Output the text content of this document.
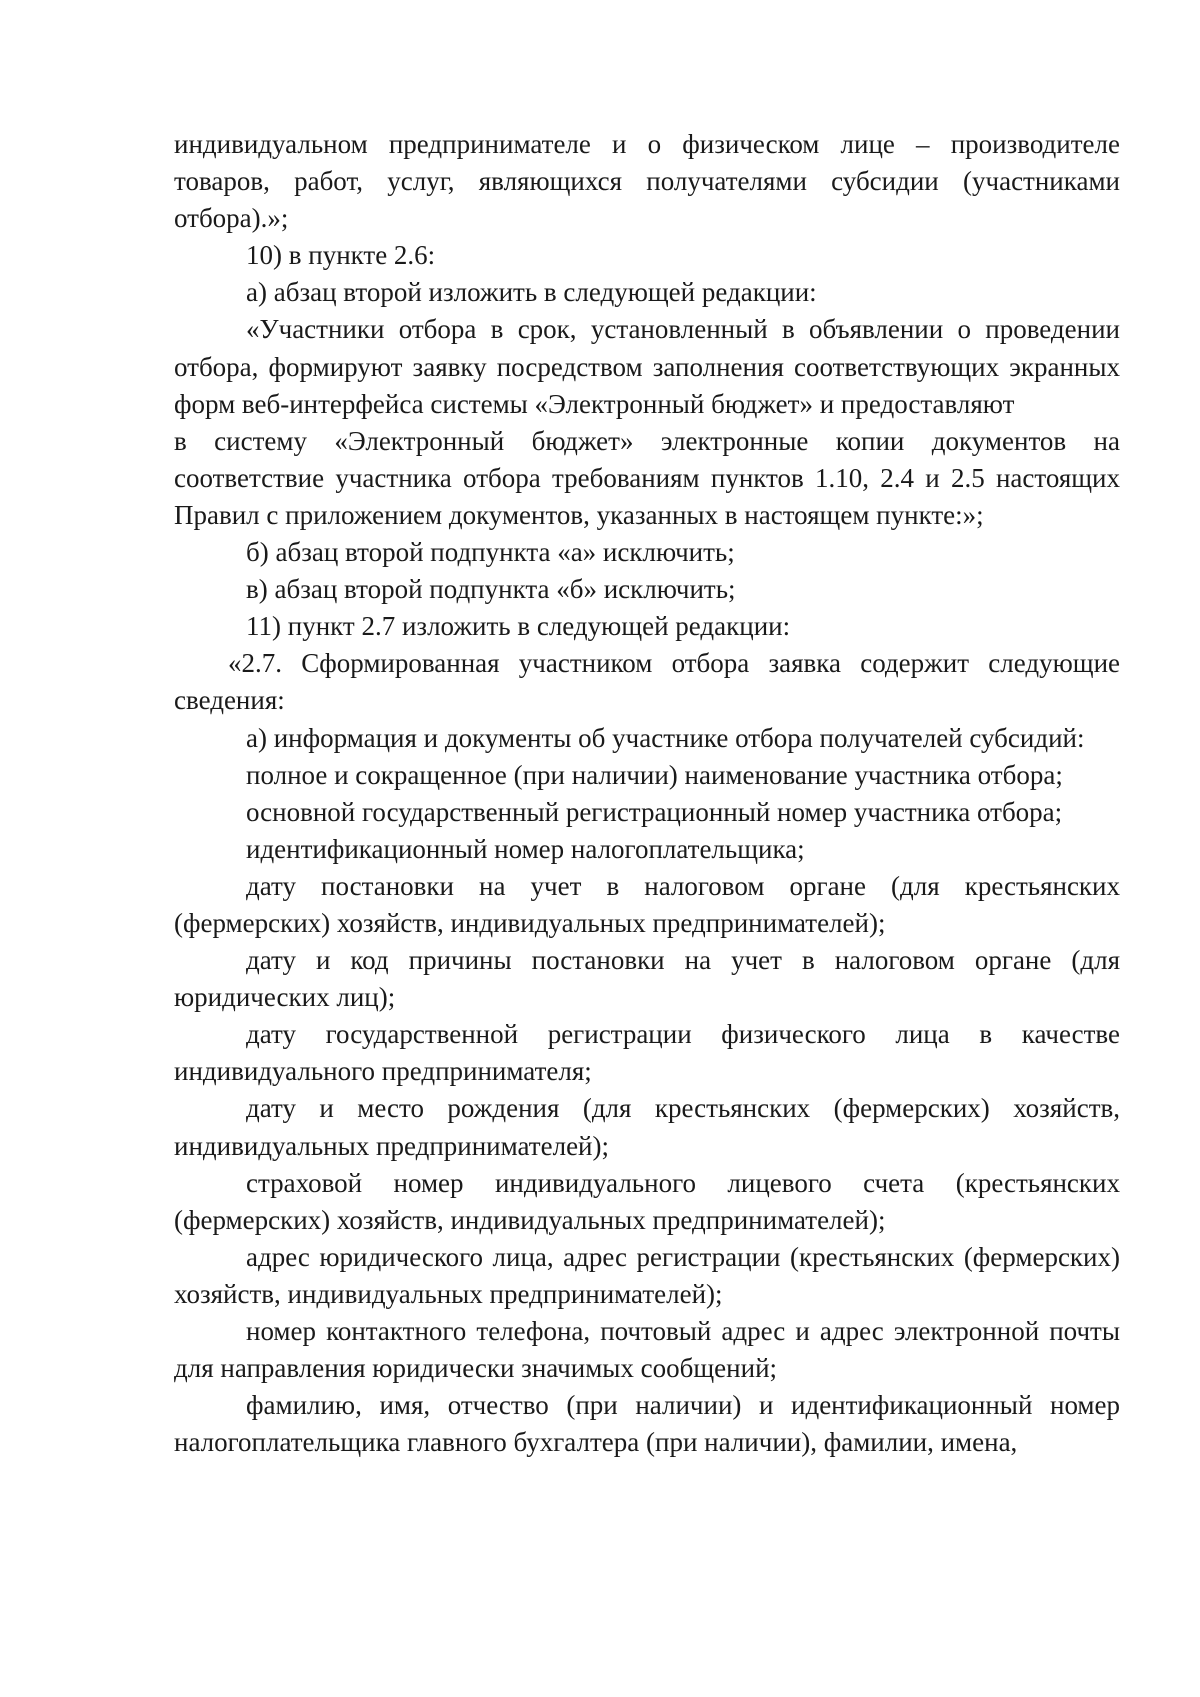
индивидуальном предпринимателе и о физическом лице – производителе товаров, работ, услуг, являющихся получателями субсидии (участниками отбора).»;

10) в пункте 2.6:

а) абзац второй изложить в следующей редакции:

«Участники отбора в срок, установленный в объявлении о проведении отбора, формируют заявку посредством заполнения соответствующих экранных форм веб-интерфейса системы «Электронный бюджет» и предоставляют

в систему «Электронный бюджет» электронные копии документов на соответствие участника отбора требованиям пунктов 1.10, 2.4 и 2.5 настоящих Правил с приложением документов, указанных в настоящем пункте:»;

б) абзац второй подпункта «а» исключить;

в) абзац второй подпункта «б» исключить;

11) пункт 2.7 изложить в следующей редакции:

«2.7. Сформированная участником отбора заявка содержит следующие сведения:

а) информация и документы об участнике отбора получателей субсидий:

полное и сокращенное (при наличии) наименование участника отбора;

основной государственный регистрационный номер участника отбора;

идентификационный номер налогоплательщика;

дату постановки на учет в налоговом органе (для крестьянских (фермерских) хозяйств, индивидуальных предпринимателей);

дату и код причины постановки на учет в налоговом органе (для юридических лиц);

дату государственной регистрации физического лица в качестве индивидуального предпринимателя;

дату и место рождения (для крестьянских (фермерских) хозяйств, индивидуальных предпринимателей);

страховой номер индивидуального лицевого счета (крестьянских (фермерских) хозяйств, индивидуальных предпринимателей);

адрес юридического лица, адрес регистрации (крестьянских (фермерских) хозяйств, индивидуальных предпринимателей);

номер контактного телефона, почтовый адрес и адрес электронной почты для направления юридически значимых сообщений;

фамилию, имя, отчество (при наличии) и идентификационный номер налогоплательщика главного бухгалтера (при наличии), фамилии, имена,
